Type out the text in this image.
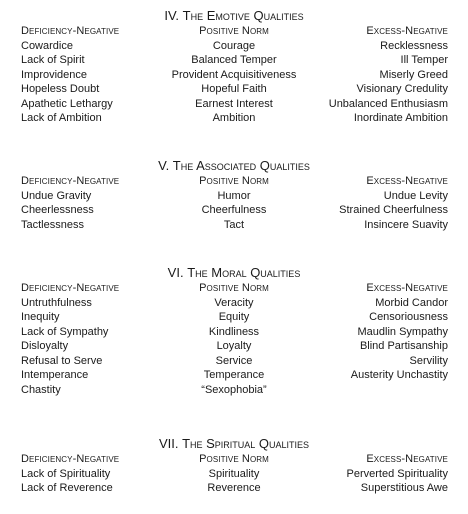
IV. The Emotive Qualities
Deficiency-Negative	Positive Norm	Excess-Negative
Cowardice	Courage	Recklessness
Lack of Spirit	Balanced Temper	Ill Temper
Improvidence	Provident Acquisitiveness	Miserly Greed
Hopeless Doubt	Hopeful Faith	Visionary Credulity
Apathetic Lethargy	Earnest Interest	Unbalanced Enthusiasm
Lack of Ambition	Ambition	Inordinate Ambition
V. The Associated Qualities
Deficiency-Negative	Positive Norm	Excess-Negative
Undue Gravity	Humor	Undue Levity
Cheerlessness	Cheerfulness	Strained Cheerfulness
Tactlessness	Tact	Insincere Suavity
VI. The Moral Qualities
Deficiency-Negative	Positive Norm	Excess-Negative
Untruthfulness	Veracity	Morbid Candor
Inequity	Equity	Censoriousness
Lack of Sympathy	Kindliness	Maudlin Sympathy
Disloyalty	Loyalty	Blind Partisanship
Refusal to Serve	Service	Servility
Intemperance	Temperance	Austerity Unchastity
Chastity	“Sexophobia”
VII. The Spiritual Qualities
Deficiency-Negative	Positive Norm	Excess-Negative
Lack of Spirituality	Spirituality	Perverted Spirituality
Lack of Reverence	Reverence	Superstitious Awe
